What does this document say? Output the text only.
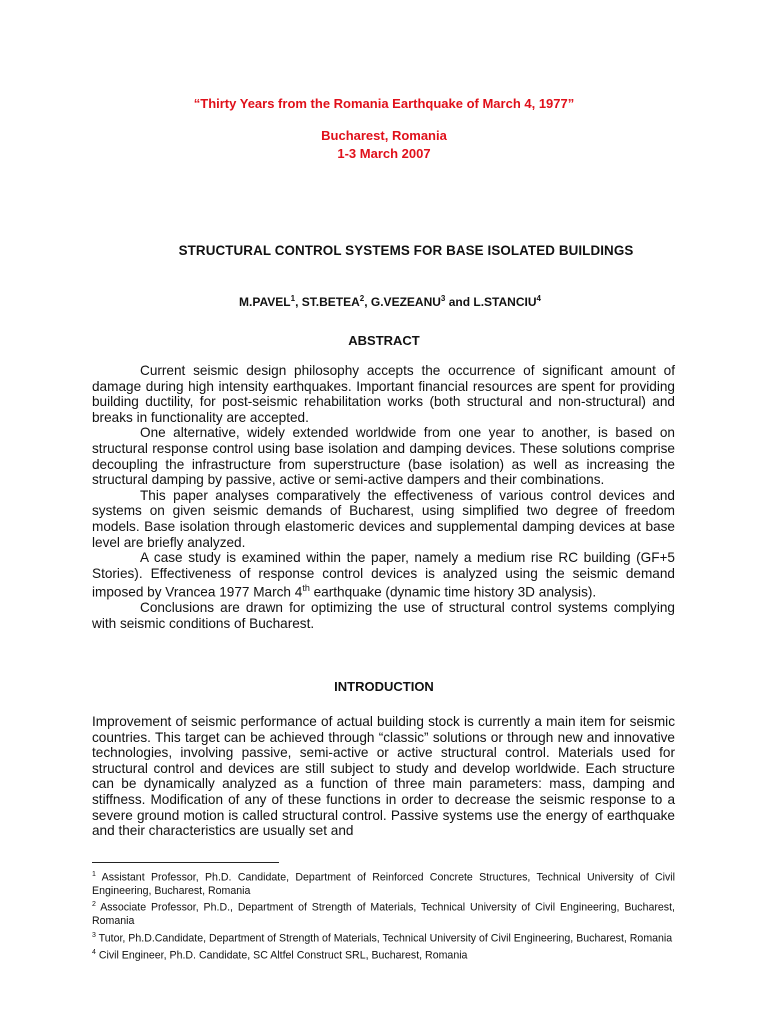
“Thirty Years from the Romania Earthquake of March 4, 1977”
Bucharest, Romania
1-3 March 2007
STRUCTURAL CONTROL SYSTEMS FOR BASE ISOLATED BUILDINGS
M.PAVEL$^1$, ST.BETEA$^2$, G.VEZEANU$^3$ and L.STANCIU$^4$
ABSTRACT

Current seismic design philosophy accepts the occurrence of significant amount of damage during high intensity earthquakes. Important financial resources are spent for providing building ductility, for post-seismic rehabilitation works (both structural and non-structural) and breaks in functionality are accepted.

One alternative, widely extended worldwide from one year to another, is based on structural response control using base isolation and damping devices. These solutions comprise decoupling the infrastructure from superstructure (base isolation) as well as increasing the structural damping by passive, active or semi-active dampers and their combinations.

This paper analyses comparatively the effectiveness of various control devices and systems on given seismic demands of Bucharest, using simplified two degree of freedom models. Base isolation through elastomeric devices and supplemental damping devices at base level are briefly analyzed.

A case study is examined within the paper, namely a medium rise RC building (GF+5 Stories). Effectiveness of response control devices is analyzed using the seismic demand imposed by Vrancea 1977 March 4th earthquake (dynamic time history 3D analysis).

Conclusions are drawn for optimizing the use of structural control systems complying with seismic conditions of Bucharest.

INTRODUCTION

Improvement of seismic performance of actual building stock is currently a main item for seismic countries. This target can be achieved through “classic” solutions or through new and innovative technologies, involving passive, semi-active or active structural control. Materials used for structural control and devices are still subject to study and develop worldwide. Each structure can be dynamically analyzed as a function of three main parameters: mass, damping and stiffness. Modification of any of these functions in order to decrease the seismic response to a severe ground motion is called structural control. Passive systems use the energy of earthquake and their characteristics are usually set and

$^1$ Assistant Professor, Ph.D. Candidate, Department of Reinforced Concrete Structures, Technical University of Civil Engineering, Bucharest, Romania

$^2$ Associate Professor, Ph.D., Department of Strength of Materials, Technical University of Civil Engineering, Bucharest, Romania

$^3$ Tutor, Ph.D.Candidate, Department of Strength of Materials, Technical University of Civil Engineering, Bucharest, Romania

$^4$ Civil Engineer, Ph.D. Candidate, SC Altfel Construct SRL, Bucharest, Romania
